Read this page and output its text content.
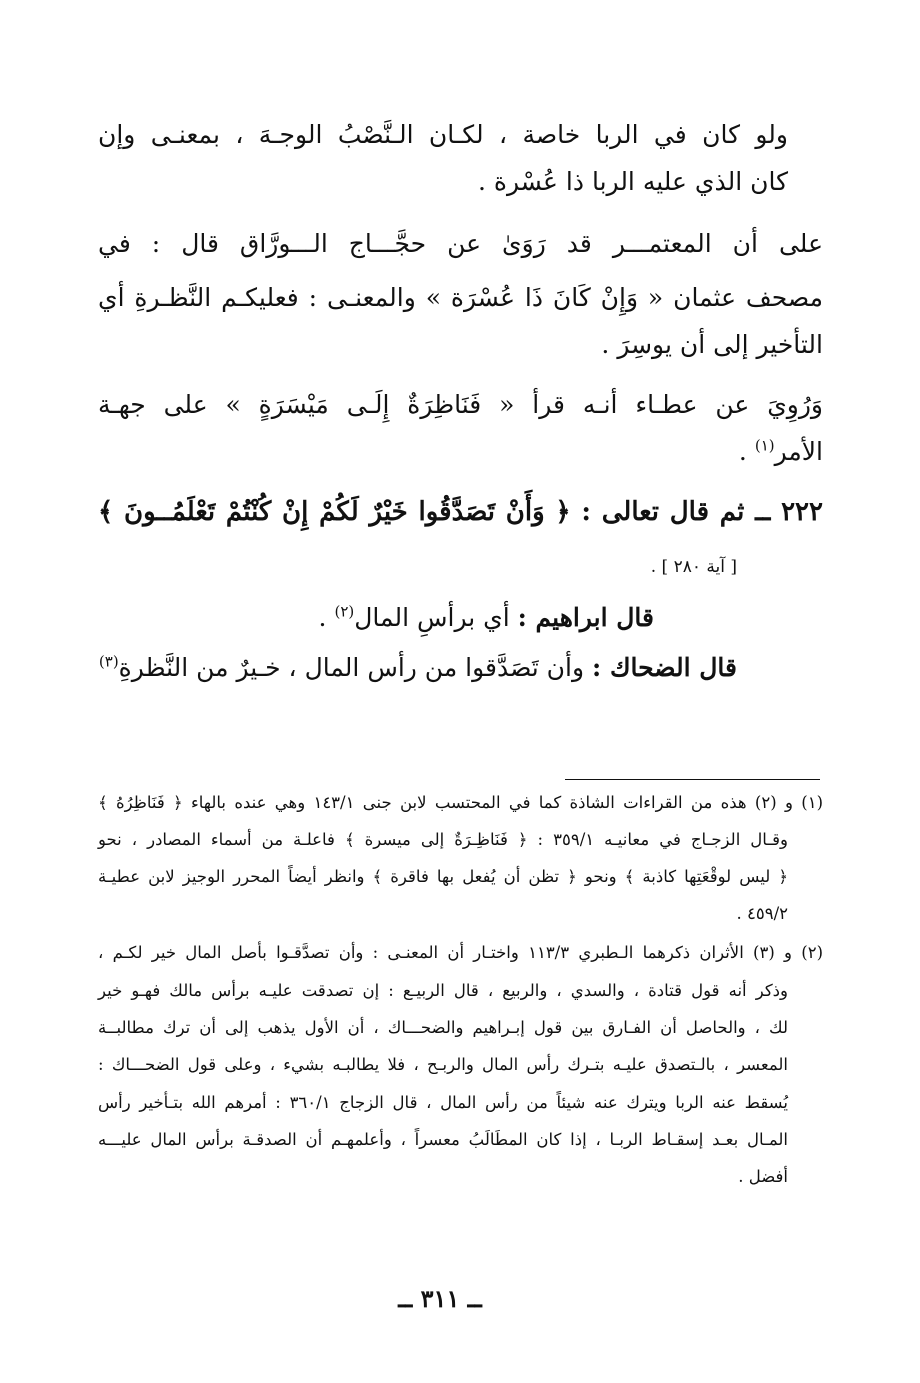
ولو كان في الربا خاصة ، لكـان الـنَّصْبُ الوجـهَ ، بمعنـى وإن
كان الذي عليه الربا ذا عُسْرة .
على أن المعتمـــر قد رَوَىٰ عن حجَّـــاج الـــورَّاق قال : في
مصحف عثمان « وَإِنْ كَانَ ذَا عُسْرَة » والمعنـى : فعليكـم النَّظـرةِ أي
التأخير إلى أن يوسِرَ .
وَرُوِيَ عن عطـاء أنـه قرأ « فَنَاظِرَةٌ إِلَـى مَيْسَرَةٍ » على جهـة
الأمر$^{(١)}$ .
٢٢٢ ــ ثم قال تعالى : ﴿ وَأَنْ تَصَدَّقُوا خَيْرٌ لَكُمْ إِنْ كُنْتُمْ تَعْلَمُــونَ ﴾
[ آية ٢٨٠ ] .
قال ابراهيم : أي برأسِ المال$^{(٢)}$ .
قال الضحاك : وأن تَصَدَّقوا من رأس المال ، خـيرٌ من النَّظرةِ$^{(٣)}$
(١) و (٢) هذه من القراءات الشاذة كما في المحتسب لابن جنى ١٤٣/١ وهي عنده بالهاء ﴿ فَنَاظِرُهُ ﴾
وقـال الزجـاج في معانيـه ٣٥٩/١ : ﴿ فَنَاظِـرَةٌ إلى ميسرة ﴾ فاعلـة من أسماء المصادر ، نحو
﴿ ليس لوقْعَتِها كاذبة ﴾ ونحو ﴿ تظن أن يُفعل بها فاقرة ﴾ وانظر أيضاً المحرر الوجيز لابن عطيـة
٤٥٩/٢ .
(٢) و (٣) الأثران ذكرهما الـطبري ١١٣/٣ واختـار أن المعنـى : وأن تصدَّقـوا بأصل المال خير لكـم ،
وذكر أنه قول قتادة ، والسدي ، والربيع ، قال الربيـع : إن تصدقت عليـه برأس مالك فهـو خير
لك ، والحاصل أن الفـارق بين قول إبـراهيم والضحـــاك ، أن الأول يذهب إلى أن ترك مطالبــة
المعسر ، بالـتصدق عليـه بتـرك رأس المال والربـح ، فلا يطالبـه بشيء ، وعلى قول الضحـــاك :
يُسقط عنه الربا ويترك عنه شيئاً من رأس المال ، قال الزجاج ٣٦٠/١ : أمرهم الله بتـأخير رأس
المـال بعـد إسقـاط الربـا ، إذا كان المطَالَبُ معسراً ، وأعلمهـم أن الصدقـة برأس المال عليـــه
أفضل .
ــ ٣١١ ــ
